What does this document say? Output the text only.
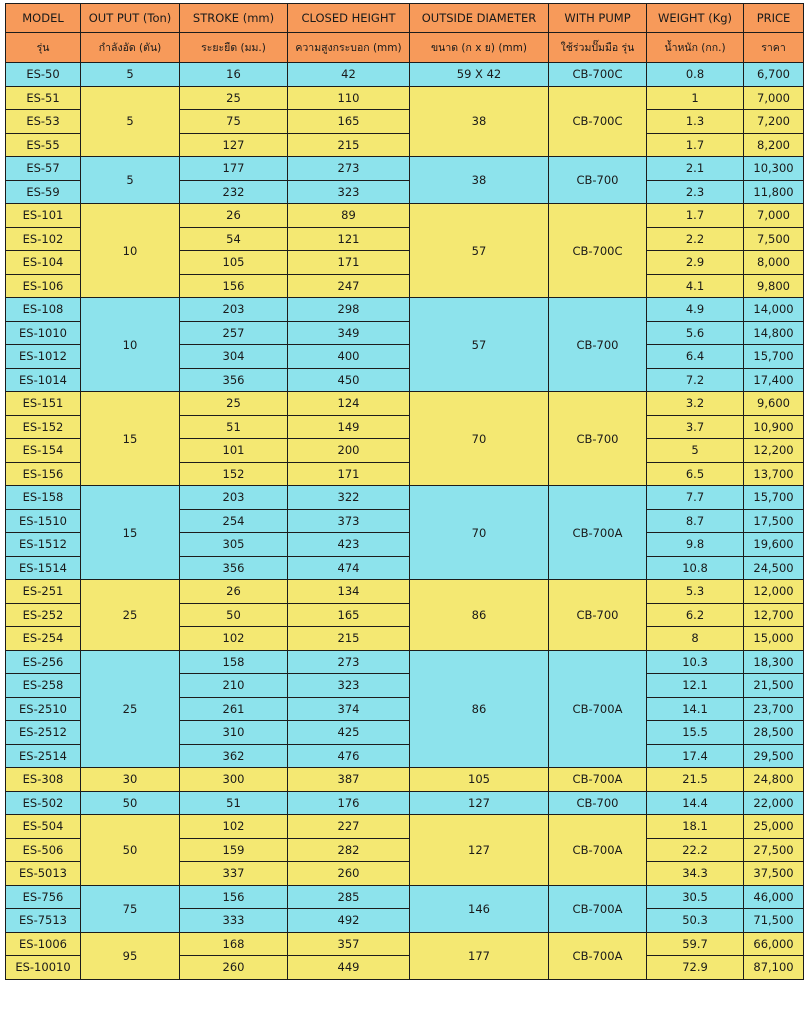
MODEL	OUT PUT (Ton)	STROKE (mm)	CLOSED HEIGHT	OUTSIDE DIAMETER	WITH PUMP	WEIGHT (Kg)	PRICE
รุ่น	กำลังอัด (ตัน)	ระยะยืด (มม.)	ความสูงกระบอก (mm)	ขนาด (ก x ย) (mm)	ใช้ร่วมปั๊มมือ รุ่น	น้ำหนัก (กก.)	ราคา
ES-50	5	16	42	59 X 42	CB-700C	0.8	6,700
ES-51	5	25	110	38	CB-700C	1	7,000
ES-53		75	165			1.3	7,200
ES-55		127	215			1.7	8,200
ES-57	5	177	273	38	CB-700	2.1	10,300
ES-59		232	323			2.3	11,800
ES-101	10	26	89	57	CB-700C	1.7	7,000
ES-102		54	121			2.2	7,500
ES-104		105	171			2.9	8,000
ES-106		156	247			4.1	9,800
ES-108	10	203	298	57	CB-700	4.9	14,000
ES-1010		257	349			5.6	14,800
ES-1012		304	400			6.4	15,700
ES-1014		356	450			7.2	17,400
ES-151	15	25	124	70	CB-700	3.2	9,600
ES-152		51	149			3.7	10,900
ES-154		101	200			5	12,200
ES-156		152	171			6.5	13,700
ES-158	15	203	322	70	CB-700A	7.7	15,700
ES-1510		254	373			8.7	17,500
ES-1512		305	423			9.8	19,600
ES-1514		356	474			10.8	24,500
ES-251	25	26	134	86	CB-700	5.3	12,000
ES-252		50	165			6.2	12,700
ES-254		102	215			8	15,000
ES-256	25	158	273	86	CB-700A	10.3	18,300
ES-258		210	323			12.1	21,500
ES-2510		261	374			14.1	23,700
ES-2512		310	425			15.5	28,500
ES-2514		362	476			17.4	29,500
ES-308	30	300	387	105	CB-700A	21.5	24,800
ES-502	50	51	176	127	CB-700	14.4	22,000
ES-504	50	102	227	127	CB-700A	18.1	25,000
ES-506		159	282			22.2	27,500
ES-5013		337	260			34.3	37,500
ES-756	75	156	285	146	CB-700A	30.5	46,000
ES-7513		333	492			50.3	71,500
ES-1006	95	168	357	177	CB-700A	59.7	66,000
ES-10010		260	449			72.9	87,100
